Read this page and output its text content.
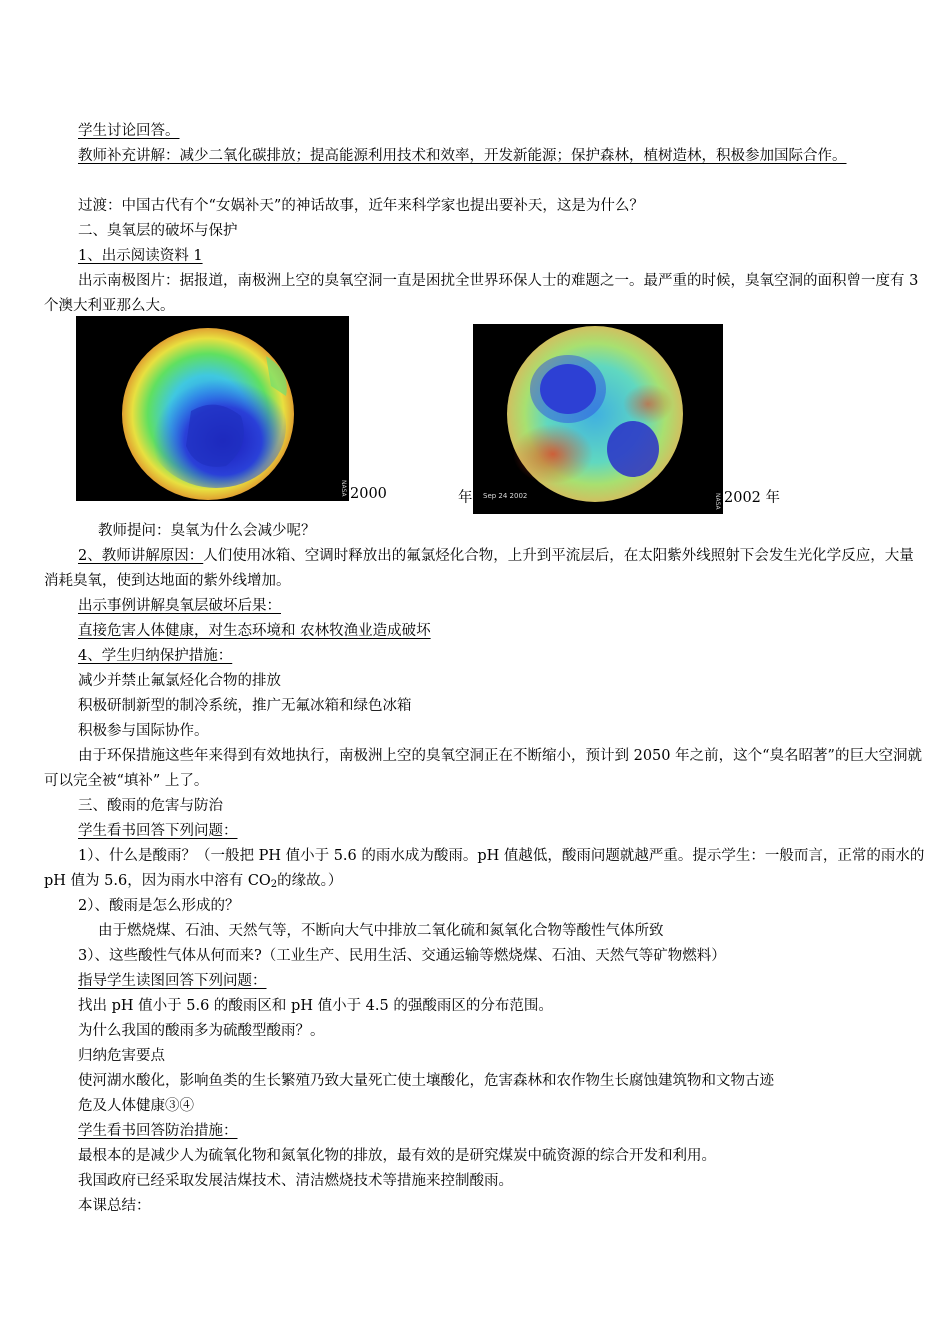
学生讨论回答。

教师补充讲解：减少二氧化碳排放；提高能源利用技术和效率，开发新能源；保护森林，植树造林，积极参加国际合作。

过渡：中国古代有个“女娲补天”的神话故事，近年来科学家也提出要补天，这是为什么？

二、臭氧层的破坏与保护

1、出示阅读资料 1

出示南极图片：据报道，南极洲上空的臭氧空洞一直是困扰全世界环保人士的难题之一。最严重的时候，臭氧空洞的面积曾一度有 3 个澳大利亚那么大。

NASA 2000	年 Sep 24 2002	NASA 2002 年

教师提问：臭氧为什么会减少呢？

2、教师讲解原因：人们使用冰箱、空调时释放出的氟氯烃化合物，上升到平流层后，在太阳紫外线照射下会发生光化学反应，大量消耗臭氧，使到达地面的紫外线增加。

出示事例讲解臭氧层破坏后果：

直接危害人体健康，对生态环境和 农林牧渔业造成破坏

4、学生归纳保护措施：

减少并禁止氟氯烃化合物的排放

积极研制新型的制冷系统，推广无氟冰箱和绿色冰箱

积极参与国际协作。

由于环保措施这些年来得到有效地执行，南极洲上空的臭氧空洞正在不断缩小，预计到 2050 年之前，这个“臭名昭著”的巨大空洞就可以完全被“填补” 上了。

三、酸雨的危害与防治

学生看书回答下列问题：

1）、什么是酸雨？（一般把 PH 值小于 5.6 的雨水成为酸雨。pH 值越低，酸雨问题就越严重。提示学生：一般而言，正常的雨水的 pH 值为 5.6，因为雨水中溶有 $CO_2$的缘故。）

2）、酸雨是怎么形成的？

由于燃烧煤、石油、天然气等，不断向大气中排放二氧化硫和氮氧化合物等酸性气体所致

3）、这些酸性气体从何而来?（工业生产、民用生活、交通运输等燃烧煤、石油、天然气等矿物燃料）

指导学生读图回答下列问题：

找出 pH 值小于 5.6 的酸雨区和 pH 值小于 4.5 的强酸雨区的分布范围。

为什么我国的酸雨多为硫酸型酸雨？。

归纳危害要点

使河湖水酸化，影响鱼类的生长繁殖乃致大量死亡使土壤酸化，危害森林和农作物生长腐蚀建筑物和文物古迹

危及人体健康③④

学生看书回答防治措施：

最根本的是减少人为硫氧化物和氮氧化物的排放，最有效的是研究煤炭中硫资源的综合开发和利用。

我国政府已经采取发展洁煤技术、清洁燃烧技术等措施来控制酸雨。

本课总结：
